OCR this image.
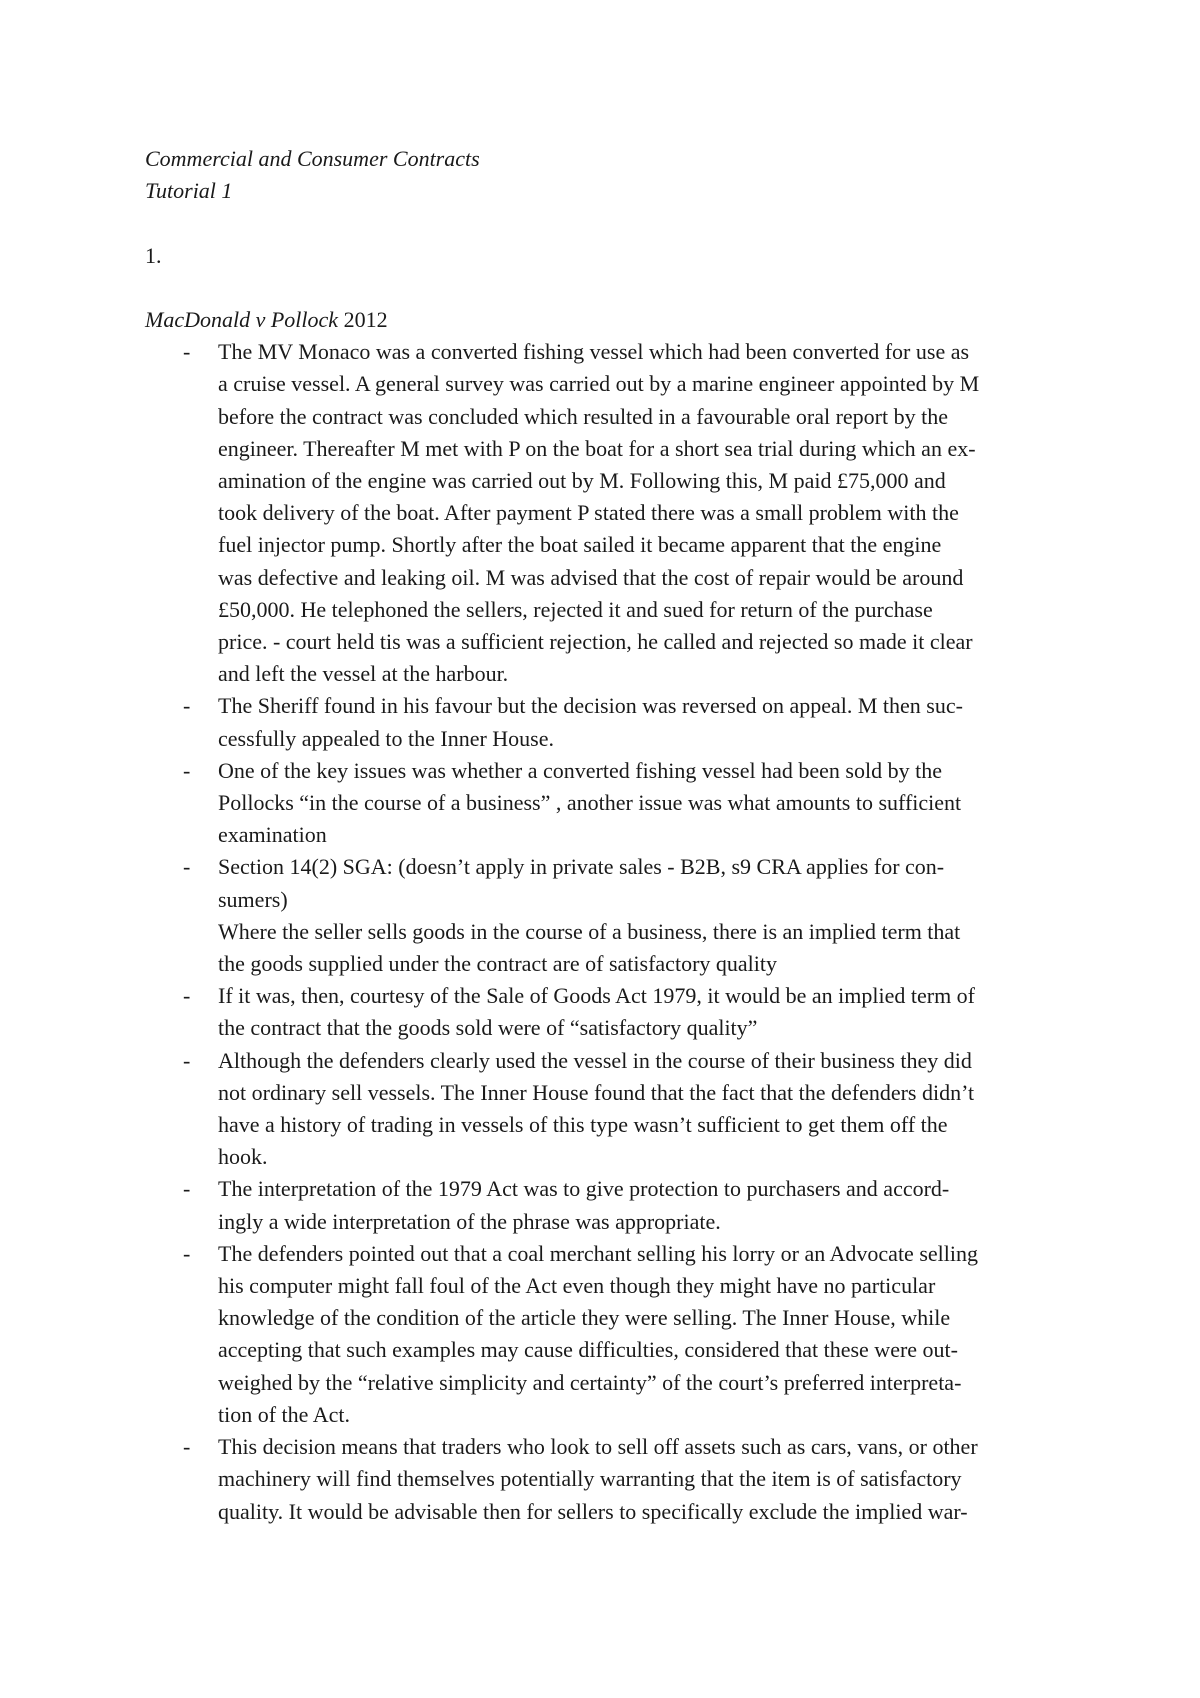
Commercial and Consumer Contracts

Tutorial 1

1.

MacDonald v Pollock 2012

- The MV Monaco was a converted fishing vessel which had been converted for use as
a cruise vessel. A general survey was carried out by a marine engineer appointed by M
before the contract was concluded which resulted in a favourable oral report by the
engineer. Thereafter M met with P on the boat for a short sea trial during which an ex-
amination of the engine was carried out by M. Following this, M paid £75,000 and
took delivery of the boat. After payment P stated there was a small problem with the
fuel injector pump. Shortly after the boat sailed it became apparent that the engine
was defective and leaking oil. M was advised that the cost of repair would be around
£50,000. He telephoned the sellers, rejected it and sued for return of the purchase
price. - court held tis was a sufficient rejection, he called and rejected so made it clear
and left the vessel at the harbour.
- The Sheriff found in his favour but the decision was reversed on appeal. M then suc-
cessfully appealed to the Inner House.
- One of the key issues was whether a converted fishing vessel had been sold by the
Pollocks “in the course of a business” , another issue was what amounts to sufficient
examination
- Section 14(2) SGA: (doesn’t apply in private sales - B2B, s9 CRA applies for con-
sumers)
Where the seller sells goods in the course of a business, there is an implied term that
the goods supplied under the contract are of satisfactory quality
- If it was, then, courtesy of the Sale of Goods Act 1979, it would be an implied term of
the contract that the goods sold were of “satisfactory quality”
- Although the defenders clearly used the vessel in the course of their business they did
not ordinary sell vessels. The Inner House found that the fact that the defenders didn’t
have a history of trading in vessels of this type wasn’t sufficient to get them off the
hook.
- The interpretation of the 1979 Act was to give protection to purchasers and accord-
ingly a wide interpretation of the phrase was appropriate.
- The defenders pointed out that a coal merchant selling his lorry or an Advocate selling
his computer might fall foul of the Act even though they might have no particular
knowledge of the condition of the article they were selling. The Inner House, while
accepting that such examples may cause difficulties, considered that these were out-
weighed by the “relative simplicity and certainty” of the court’s preferred interpreta-
tion of the Act.
- This decision means that traders who look to sell off assets such as cars, vans, or other
machinery will find themselves potentially warranting that the item is of satisfactory
quality. It would be advisable then for sellers to specifically exclude the implied war-
